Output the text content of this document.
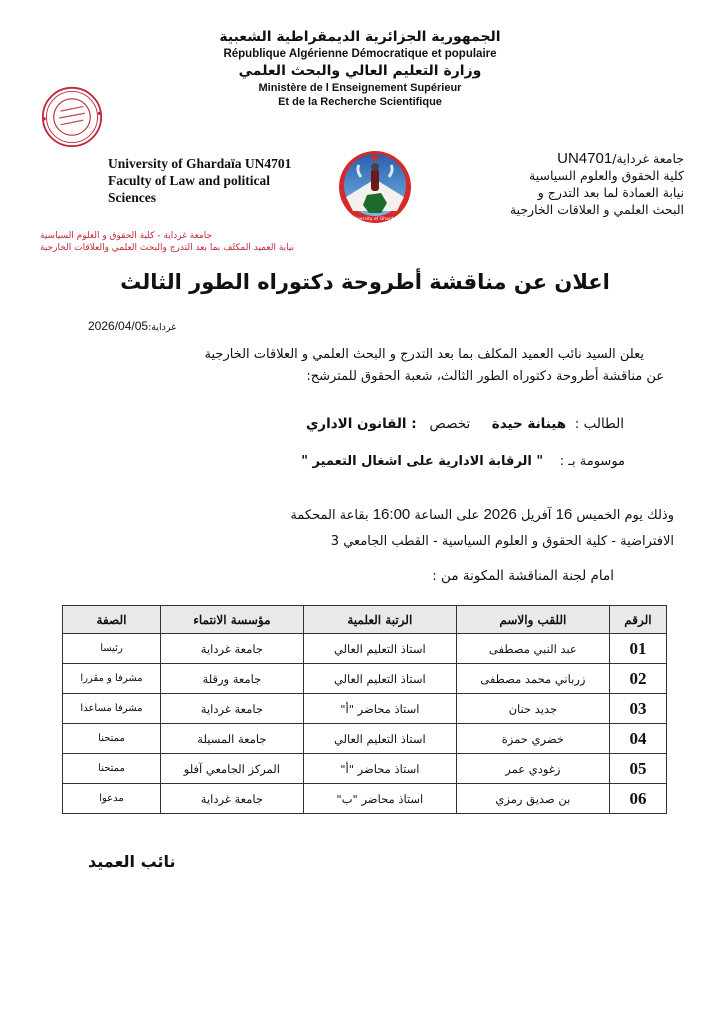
الجمهورية الجزائرية الديمقراطية الشعبية
République Algérienne Démocratique et populaire
وزارة التعليم العالي والبحث العلمي
Ministère de l Enseignement Supérieur
Et de la Recherche Scientifique
جامعة غرداية - كلية الحقوق و العلوم السياسية
نيابة العميد المكلف بما بعد التدرج والبحث العلمي والعلاقات الخارجية
University of Ghardaïa UN4701
Faculty of Law and political
Sciences
University of Ghardaia
جامعة غرداية/UN4701
كلية الحقوق والعلوم السياسية
نيابة العمادة لما بعد التدرج و
البحث العلمي و العلاقات الخارجية
اعلان عن مناقشة أطروحة دكتوراه الطور الثالث
غرداية:2026/04/05
يعلن السيد نائب العميد المكلف بما بعد التدرج و البحث العلمي و العلاقات الخارجية
عن مناقشة أطروحة دكتوراه الطور الثالث، شعبة الحقوق للمترشح:
الطالب :  هينانة حيدة     تخصص   : القانون الاداري
موسومة بـ :    " الرقابة الادارية على اشغال التعمير "
وذلك يوم الخميس 16 آفريل 2026 على الساعة 16:00 بقاعة المحكمة
الافتراضية - كلية الحقوق و العلوم السياسية - القطب الجامعي 3
امام لجنة المناقشة المكونة من :
الرقم	اللقب والاسم	الرتبة العلمية	مؤسسة الانتماء	الصفة
01	عبد النبي مصطفى	استاذ التعليم العالي	جامعة غرداية	رئيسا
02	زرباني محمد مصطفى	استاذ التعليم العالي	جامعة ورقلة	مشرفا و مقررا
03	جديد حنان	استاذ محاضر "أ"	جامعة غرداية	مشرفا مساعدا
04	خضري حمزة	استاذ التعليم العالي	جامعة المسيلة	ممتحنا
05	زغودي عمر	استاذ محاضر "أ"	المركز الجامعي آفلو	ممتحنا
06	بن صديق رمزي	استاذ محاضر "ب"	جامعة غرداية	مدعوا
نائب العميد
